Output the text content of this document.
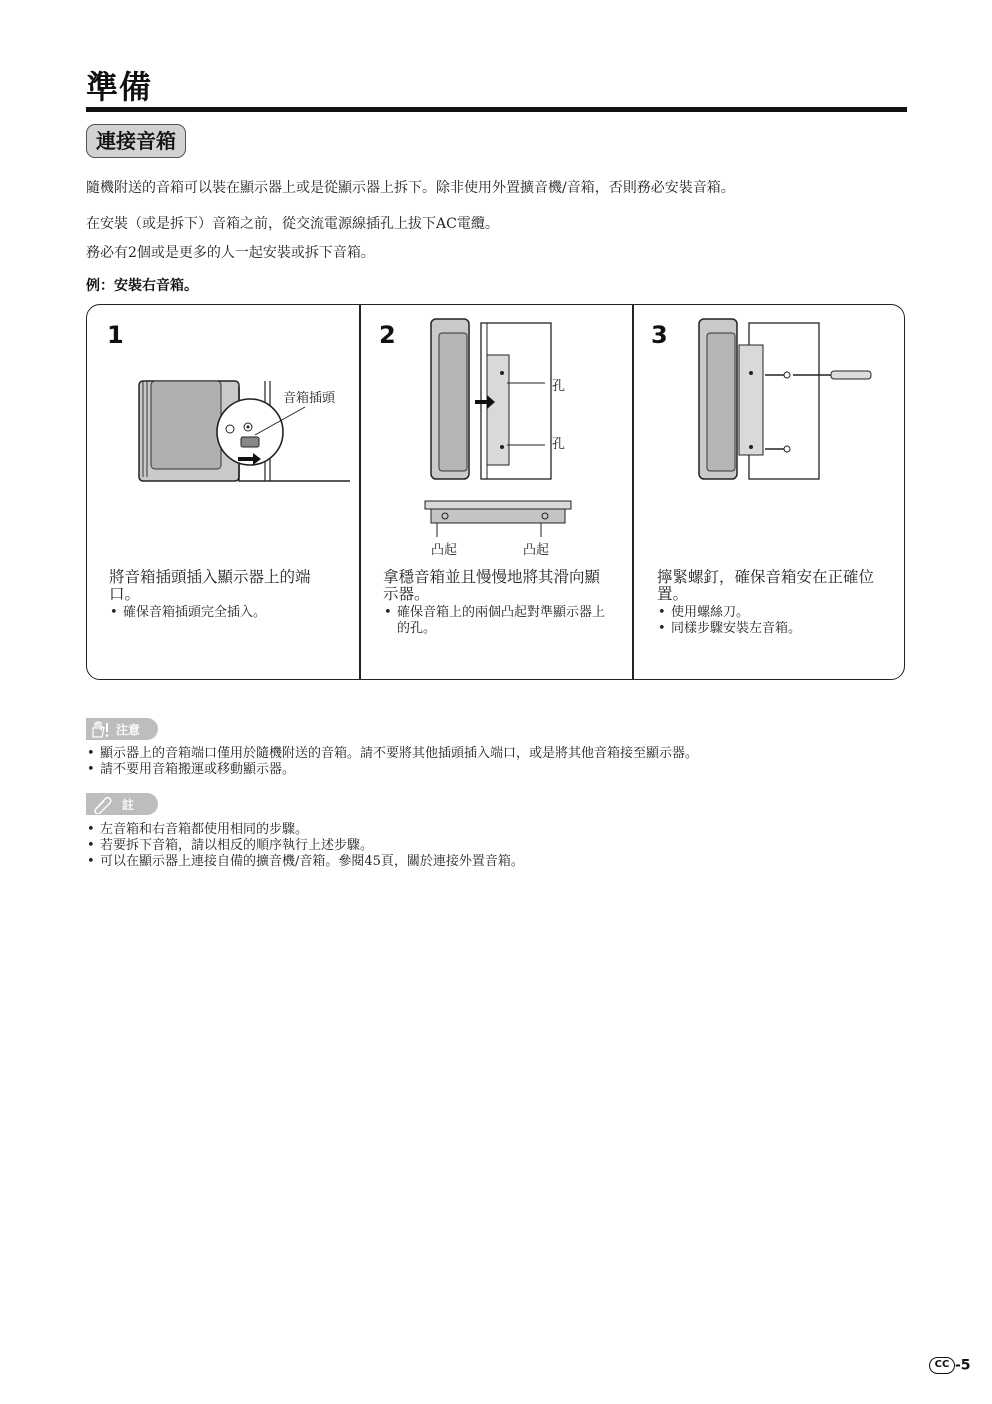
準備
連接音箱
隨機附送的音箱可以裝在顯示器上或是從顯示器上拆下。除非使用外置擴音機/音箱，否則務必安裝音箱。
在安裝（或是拆下）音箱之前，從交流電源線插孔上拔下AC電纜。
務必有2個或是更多的人一起安裝或拆下音箱。
例：安裝右音箱。
1
音箱插頭
將音箱插頭插入顯示器上的端口。
• 確保音箱插頭完全插入。
2
孔
孔
凸起	凸起
拿穩音箱並且慢慢地將其滑向顯示器。
• 確保音箱上的兩個凸起對準顯示器上的孔。
3
擰緊螺釘，確保音箱安在正確位置。
• 使用螺絲刀。
• 同樣步驟安裝左音箱。
注意
• 顯示器上的音箱端口僅用於隨機附送的音箱。請不要將其他插頭插入端口，或是將其他音箱接至顯示器。
• 請不要用音箱搬運或移動顯示器。
註
• 左音箱和右音箱都使用相同的步驟。
• 若要拆下音箱，請以相反的順序執行上述步驟。
• 可以在顯示器上連接自備的擴音機/音箱。參閱45頁，關於連接外置音箱。
CC -5
